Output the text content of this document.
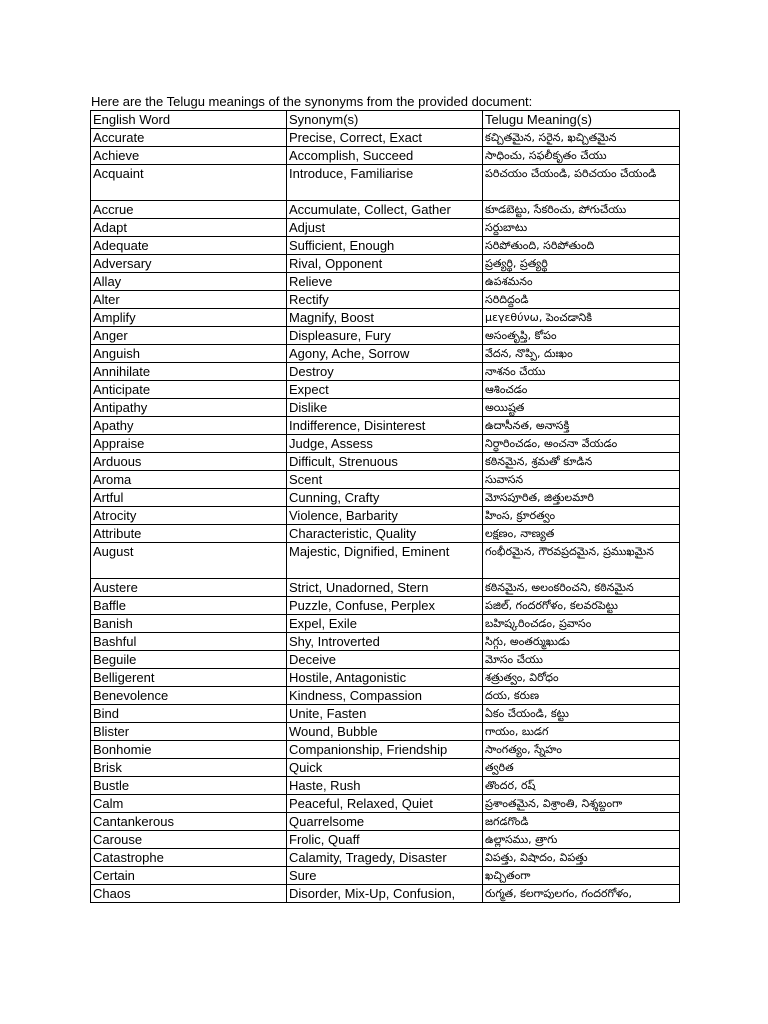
Here are the Telugu meanings of the synonyms from the provided document:
English Word	Synonym(s)	Telugu Meaning(s)
Accurate	Precise, Correct, Exact	కచ్చితమైన, సరైన, ఖచ్చితమైన
Achieve	Accomplish, Succeed	సాధించు, సఫలీకృతం చేయు
Acquaint	Introduce, Familiarise	పరిచయం చేయండి, పరిచయం చేయండి
Accrue	Accumulate, Collect, Gather	కూడబెట్టు, సేకరించు, పోగుచేయు
Adapt	Adjust	సర్దుబాటు
Adequate	Sufficient, Enough	సరిపోతుంది, సరిపోతుంది
Adversary	Rival, Opponent	ప్రత్యర్థి, ప్రత్యర్థి
Allay	Relieve	ఉపశమనం
Alter	Rectify	సరిదిద్దండి
Amplify	Magnify, Boost	μεγεθύνω, పెంచడానికి
Anger	Displeasure, Fury	అసంతృప్తి, కోపం
Anguish	Agony, Ache, Sorrow	వేదన, నొప్పి, దుఃఖం
Annihilate	Destroy	నాశనం చేయు
Anticipate	Expect	ఆశించడం
Antipathy	Dislike	అయిష్టత
Apathy	Indifference, Disinterest	ఉదాసీనత, అనాసక్తి
Appraise	Judge, Assess	నిర్ధారించడం, అంచనా వేయడం
Arduous	Difficult, Strenuous	కఠినమైన, శ్రమతో కూడిన
Aroma	Scent	సువాసన
Artful	Cunning, Crafty	మోసపూరిత, జిత్తులమారి
Atrocity	Violence, Barbarity	హింస, క్రూరత్వం
Attribute	Characteristic, Quality	లక్షణం, నాణ్యత
August	Majestic, Dignified, Eminent	గంభీరమైన, గౌరవప్రదమైన, ప్రముఖమైన
Austere	Strict, Unadorned, Stern	కఠినమైన, అలంకరించని, కఠినమైన
Baffle	Puzzle, Confuse, Perplex	పజిల్, గందరగోళం, కలవరపెట్టు
Banish	Expel, Exile	బహిష్కరించడం, ప్రవాసం
Bashful	Shy, Introverted	సిగ్గు, అంతర్ముఖుడు
Beguile	Deceive	మోసం చేయు
Belligerent	Hostile, Antagonistic	శత్రుత్వం, విరోధం
Benevolence	Kindness, Compassion	దయ, కరుణ
Bind	Unite, Fasten	ఏకం చేయండి, కట్టు
Blister	Wound, Bubble	గాయం, బుడగ
Bonhomie	Companionship, Friendship	సాంగత్యం, స్నేహం
Brisk	Quick	త్వరిత
Bustle	Haste, Rush	తొందర, రష్
Calm	Peaceful, Relaxed, Quiet	ప్రశాంతమైన, విశ్రాంతి, నిశ్శబ్దంగా
Cantankerous	Quarrelsome	జగడగొండి
Carouse	Frolic, Quaff	ఉల్లాసము, త్రాగు
Catastrophe	Calamity, Tragedy, Disaster	విపత్తు, విషాదం, విపత్తు
Certain	Sure	ఖచ్చితంగా
Chaos	Disorder, Mix-Up, Confusion,	రుగ్మత, కలగాపులగం, గందరగోళం,
